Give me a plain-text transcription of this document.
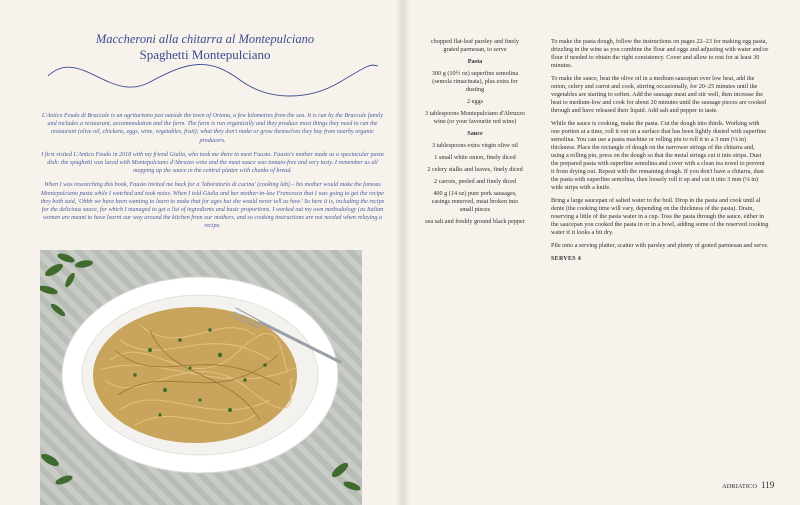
Maccheroni alla chitarra al Montepulciano
Spaghetti Montepulciano

L'Antico Feudo di Braccale is an agriturismo just outside the town of Ortona, a few kilometres from the sea. It is run by the Braccale family and includes a restaurant, accommodation and the farm. The farm is run organically and they produce most things they need to run the restaurant (olive oil, chickens, eggs, wine, vegetables, fruit); what they don't make or grow themselves they buy from nearby organic producers.

I first visited L'Antico Feudo in 2018 with my friend Giulia, who took me there to meet Fausto. Fausto's mother made us a spectacular pasta dish: the spaghetti was laced with Montepulciano d'Abruzzo wine and the meat sauce was tomato-free and very tasty. I remember us all mopping up the sauce in the central platter with chunks of bread.

When I was researching this book, Fausto invited me back for a 'laboratorio di cucina' (cooking lab) – his mother would make the famous Montepulciano pasta while I watched and took notes. When I told Giulia and her mother-in-law Francesca that I was going to get the recipe they both said, 'Ohhh we have been wanting to learn to make that for ages but she would never tell us how.' So here it is, including the recipe for the delicious sauce, for which I managed to get a list of ingredients and basic proportions. I worked out my own methodology (as Italian women are meant to have learnt our way around the kitchen from our mothers, and so cooking instructions are not needed when relaying a recipe.

chopped flat-leaf parsley and finely grated parmesan, to serve
Pasta
300 g (10½ oz) superfine semolina (semola rimacinata), plus extra for dusting
2 eggs
3 tablespoons Montepulciano d'Abruzzo wine (or your favourite red wine)
Sauce
3 tablespoons extra virgin olive oil
1 small white onion, finely diced
2 celery stalks and leaves, finely diced
2 carrots, peeled and finely diced
400 g (14 oz) pure pork sausages, casings removed, meat broken into small pieces
sea salt and freshly ground black pepper

To make the pasta dough, follow the instructions on pages 22–23 for making egg pasta, drizzling in the wine as you combine the flour and eggs and adjusting with water and/or flour if needed to obtain the right consistency. Cover and allow to rest for at least 30 minutes.

To make the sauce, heat the olive oil in a medium saucepan over low heat, add the onion, celery and carrot and cook, stirring occasionally, for 20–25 minutes until the vegetables are starting to soften. Add the sausage meat and stir well, then increase the heat to medium-low and cook for about 20 minutes until the sausage pieces are cooked through and have released their liquid. Add salt and pepper to taste.

While the sauce is cooking, make the pasta. Cut the dough into thirds. Working with one portion at a time, roll it out on a surface that has been lightly dusted with superfine semolina. You can use a pasta machine or rolling pin to roll it to a 3 mm (⅛ in) thickness. Place the rectangle of dough on the narrower strings of the chitarra and, using a rolling pin, press on the dough so that the metal strings cut it into strips. Dust the prepared pasta with superfine semolina and cover with a clean tea towel to prevent it from drying out. Repeat with the remaining dough. If you don't have a chitarra, dust the pasta with superfine semolina, then loosely roll it up and cut it into 3 mm (⅛ in) wide strips with a knife.

Bring a large saucepan of salted water to the boil. Drop in the pasta and cook until al dente (the cooking time will vary, depending on the thickness of the pasta). Drain, reserving a little of the pasta water in a cup. Toss the pasta through the sauce, either in the saucepan you cooked the pasta in or in a bowl, adding some of the reserved cooking water if it looks a bit dry.

Pile onto a serving platter, scatter with parsley and plenty of grated parmesan and serve.

SERVES 4

ADRIATICO 119
